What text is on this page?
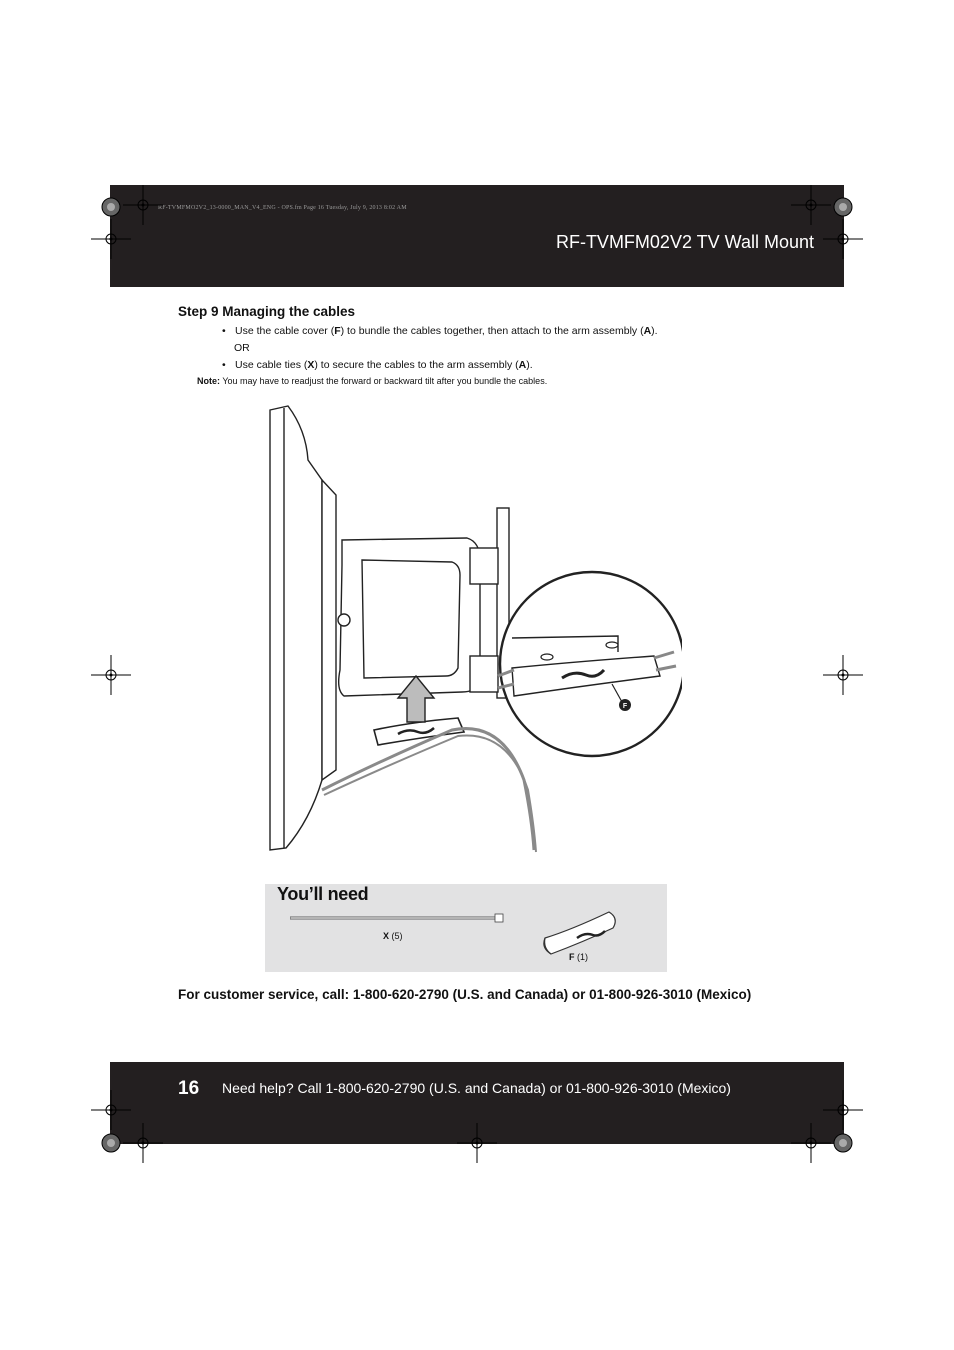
RF-TVMFMO2V2_13-0000_MAN_V4_ENG - OPS.fm Page 16 Tuesday, July 9, 2013 8:02 AM
RF-TVMFM02V2 TV Wall Mount
Step 9 Managing the cables
• Use the cable cover (F) to bundle the cables together, then attach to the arm assembly (A).
OR
• Use cable ties (X) to secure the cables to the arm assembly (A).
Note: You may have to readjust the forward or backward tilt after you bundle the cables.
F
You’ll need
X (5)
F (1)
For customer service, call: 1-800-620-2790 (U.S. and Canada) or 01-800-926-3010 (Mexico)
16 Need help? Call 1-800-620-2790 (U.S. and Canada) or 01-800-926-3010 (Mexico)
